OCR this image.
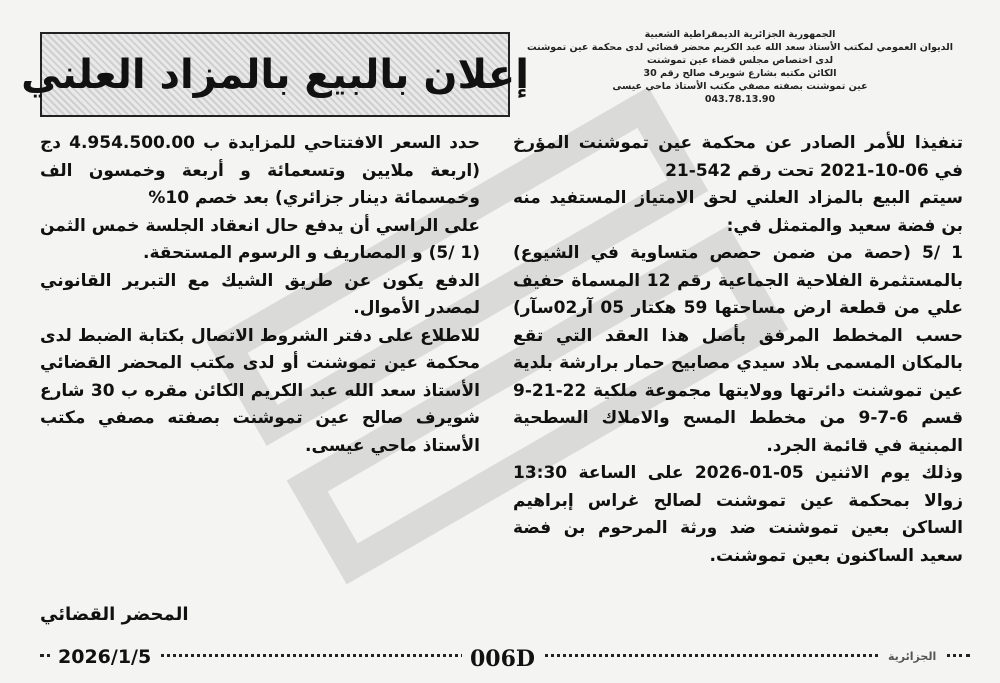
إعلان بالبيع بالمزاد العلني
الجمهورية الجزائرية الديمقراطية الشعبية
الديوان العمومي لمكتب الأستاذ سعد الله عبد الكريم محضر قضائي لدى محكمة عين تموشنت
لدى اختصاص مجلس قضاء عين تموشنت
الكائن مكتبه بشارع شويرف صالح رقم 30
عين تموشنت بصفته مصفي مكتب الأستاذ ماحي عيسى
043.78.13.90

تنفيذا للأمر الصادر عن محكمة عين تموشنت المؤرخ في 06-10-2021 تحت رقم 542-21

سيتم البيع بالمزاد العلني لحق الامتياز المستفيد منه بن فضة سعيد والمتمثل في:

1 /5 (حصة من ضمن حصص متساوية في الشيوع) بالمستثمرة الفلاحية الجماعية رقم 12 المسماة حفيف علي من قطعة ارض مساحتها 59 هكتار 05 آر02سآر) حسب المخطط المرفق بأصل هذا العقد التي تقع بالمكان المسمى بلاد سيدي مصابيح حمار برارشة بلدية عين تموشنت دائرتها وولايتها مجموعة ملكية 22-21-9 قسم 6-7-9 من مخطط المسح والاملاك السطحية المبنية في قائمة الجرد.

وذلك يوم الاثنين 05-01-2026 على الساعة 13:30 زوالا بمحكمة عين تموشنت لصالح غراس إبراهيم الساكن بعين تموشنت ضد ورثة المرحوم بن فضة سعيد الساكنون بعين تموشنت.

حدد السعر الافتتاحي للمزايدة ب 4.954.500.00 دج (اربعة ملايين وتسعمائة و أربعة وخمسون الف وخمسمائة دينار جزائري) بعد خصم 10%

على الراسي أن يدفع حال انعقاد الجلسة خمس الثمن (1 /5) و المصاريف و الرسوم المستحقة.

الدفع يكون عن طريق الشيك مع التبرير القانوني لمصدر الأموال.

للاطلاع على دفتر الشروط الاتصال بكتابة الضبط لدى محكمة عين تموشنت أو لدى مكتب المحضر القضائي الأستاذ سعد الله عبد الكريم الكائن مقره ب 30 شارع شويرف صالح عين تموشنت بصفته مصفي مكتب الأستاذ ماحي عيسى.

المحضر القضائي
2026/1/5	006D	الجزائرية
